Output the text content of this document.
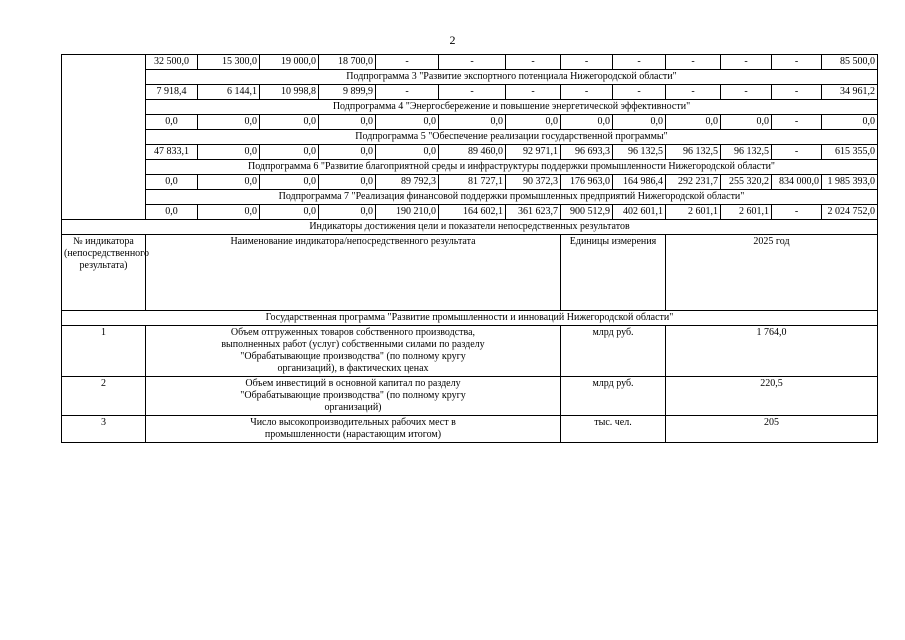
2
	32 500,0	15 300,0	19 000,0	18 700,0	-	-	-	-	-	-	-	-	85 500,0
	Подпрограмма 3 "Развитие экспортного потенциала Нижегородской области"												
	7 918,4	6 144,1	10 998,8	9 899,9	-	-	-	-	-	-	-	-	34 961,2
	Подпрограмма 4 "Энергосбережение и повышение энергетической эффективности"												
	0,0	0,0	0,0	0,0	0,0	0,0	0,0	0,0	0,0	0,0	0,0	-	0,0
	Подпрограмма 5 "Обеспечение реализации государственной программы"												
	47 833,1	0,0	0,0	0,0	0,0	89 460,0	92 971,1	96 693,3	96 132,5	96 132,5	96 132,5	-	615 355,0
	Подпрограмма 6 "Развитие благоприятной среды и инфраструктуры поддержки промышленности Нижегородской области"												
	0,0	0,0	0,0	0,0	89 792,3	81 727,1	90 372,3	176 963,0	164 986,4	292 231,7	255 320,2	834 000,0	1 985 393,0
	Подпрограмма 7 "Реализация финансовой поддержки промышленных предприятий Нижегородской области"												
	0,0	0,0	0,0	0,0	190 210,0	164 602,1	361 623,7	900 512,9	402 601,1	2 601,1	2 601,1	-	2 024 752,0
Индикаторы достижения цели и показатели непосредственных результатов													
№ индикатора (непосредственного результата)	Наименование индикатора/непосредственного результата							Единицы измерения		2025 год			
Государственная программа "Развитие промышленности и инноваций Нижегородской области"													
1	Объем отгруженных товаров собственного производства, выполненных работ (услуг) собственными силами по разделу "Обрабатывающие производства" (по полному кругу организаций), в фактических ценах							млрд руб.		1 764,0			
2	Объем инвестиций в основной капитал по разделу "Обрабатывающие производства" (по полному кругу организаций)							млрд руб.		220,5			
3	Число высокопроизводительных рабочих мест в промышленности (нарастающим итогом)							тыс. чел.		205			
